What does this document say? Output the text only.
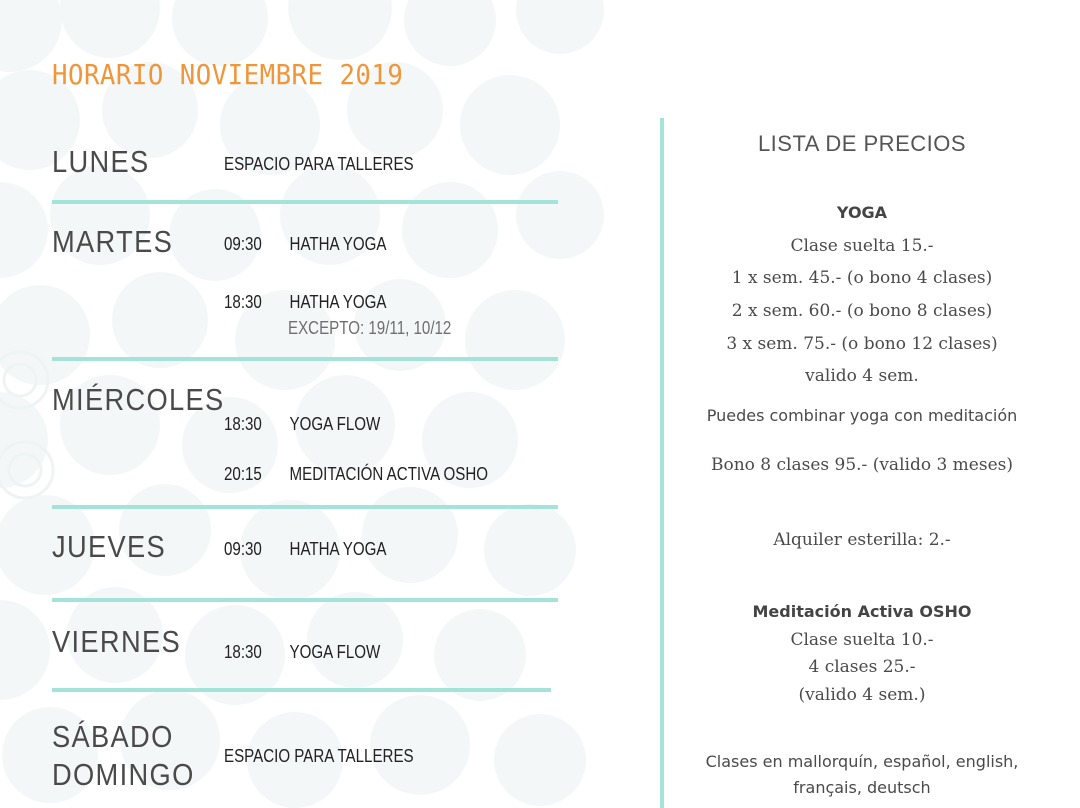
HORARIO NOVIEMBRE 2019
LUNES	ESPACIO PARA TALLERES
MARTES	09:30 HATHA YOGA
18:30 HATHA YOGA
EXCEPTO: 19/11, 10/12
MIÉRCOLES
18:30 YOGA FLOW
20:15 MEDITACIÓN ACTIVA OSHO
JUEVES	09:30 HATHA YOGA
VIERNES 18:30 YOGA FLOW
SÁBADO
DOMINGO
ESPACIO PARA TALLERES
LISTA DE PRECIOS
YOGA
Clase suelta 15.-
1 x sem. 45.- (o bono 4 clases)
2 x sem. 60.- (o bono 8 clases)
3 x sem. 75.- (o bono 12 clases)
valido 4 sem.
Puedes combinar yoga con meditación
Bono 8 clases 95.- (valido 3 meses)
Alquiler esterilla: 2.-
Meditación Activa OSHO
Clase suelta 10.-
4 clases 25.-
(valido 4 sem.)
Clases en mallorquín, español, english,
français, deutsch
